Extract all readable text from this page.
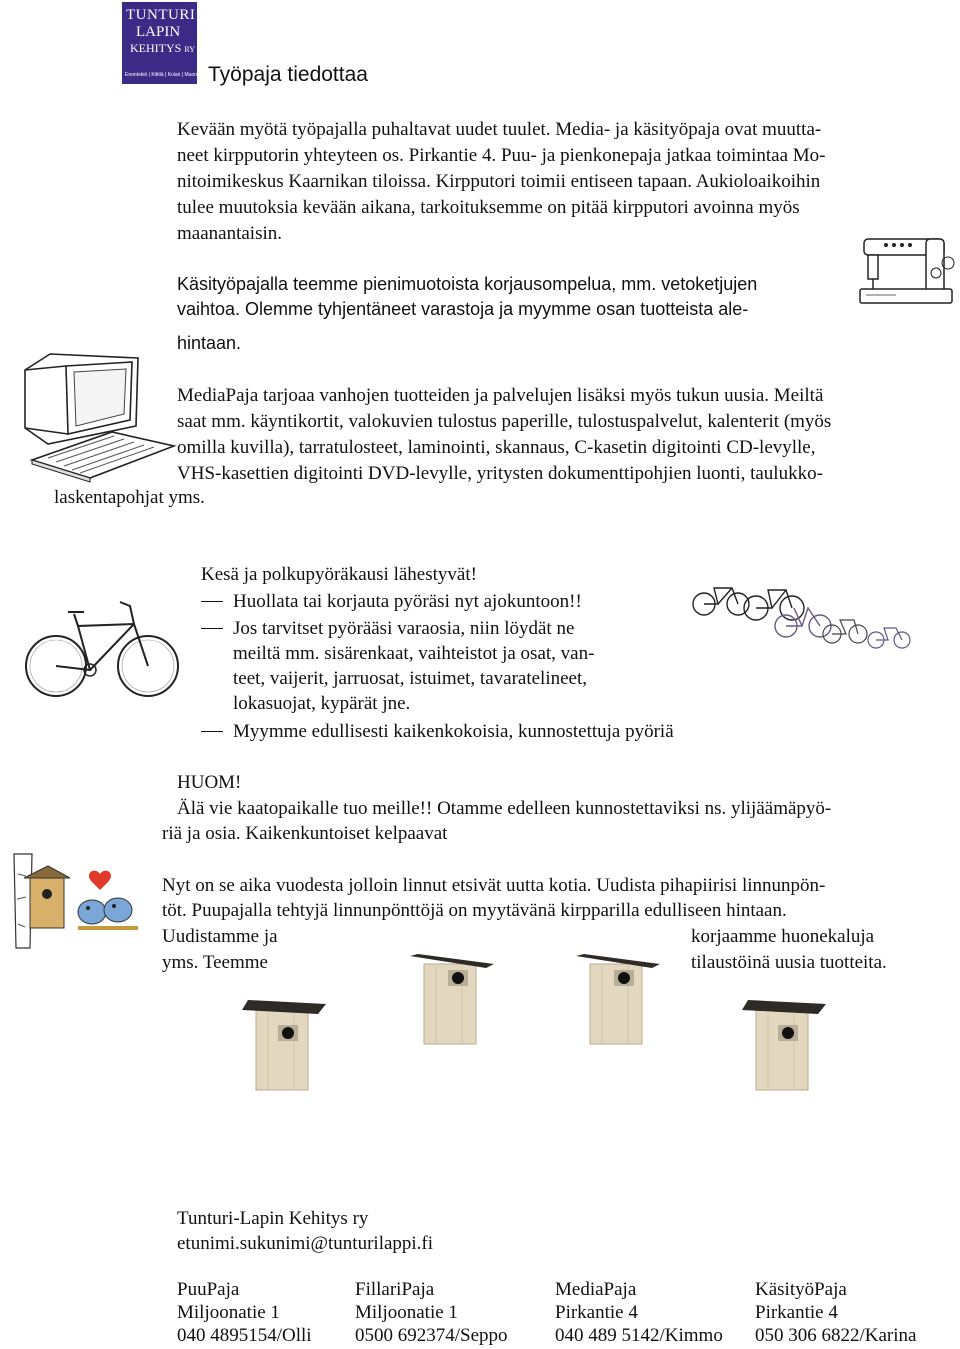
TUNTURI
LAPIN
KEHITYS RY
Enontekiö | Kittilä | Kolari | Muonio Työpaja tiedottaa
Kevään myötä työpajalla puhaltavat uudet tuulet. Media- ja käsityöpaja ovat muutta-
neet kirpputorin yhteyteen os. Pirkantie 4. Puu- ja pienkonepaja jatkaa toimintaa Mo-
nitoimikeskus Kaarnikan tiloissa. Kirpputori toimii entiseen tapaan. Aukioloaikoihin
tulee muutoksia kevään aikana, tarkoituksemme on pitää kirpputori avoinna myös
maanantaisin.
Käsityöpajalla teemme pienimuotoista korjausompelua, mm. vetoketjujen
vaihtoa. Olemme tyhjentäneet varastoja ja myymme osan tuotteista ale-
hintaan.
MediaPaja tarjoaa vanhojen tuotteiden ja palvelujen lisäksi myös tukun uusia. Meiltä
saat mm. käyntikortit, valokuvien tulostus paperille, tulostuspalvelut, kalenterit (myös
omilla kuvilla), tarratulosteet, laminointi, skannaus, C-kasetin digitointi CD-levylle,
VHS-kasettien digitointi DVD-levylle, yritysten dokumenttipohjien luonti, taulukko-
laskentapohjat yms.
Kesä ja polkupyöräkausi lähestyvät!
Huollata tai korjauta pyöräsi nyt ajokuntoon!!
Jos tarvitset pyörääsi varaosia, niin löydät ne
meiltä mm. sisärenkaat, vaihteistot ja osat, van-
teet, vaijerit, jarruosat, istuimet, tavaratelineet,
lokasuojat, kypärät jne.
Myymme edullisesti kaikenkokoisia, kunnostettuja pyöriä
HUOM!
Älä vie kaatopaikalle tuo meille!! Otamme edelleen kunnostettaviksi ns. ylijäämäpyö-
riä ja osia. Kaikenkuntoiset kelpaavat
Nyt on se aika vuodesta jolloin linnut etsivät uutta kotia. Uudista pihapiirisi linnunpön-
töt. Puupajalla tehtyjä linnunpönttöjä on myytävänä kirpparilla edulliseen hintaan.
Uudistamme ja	korjaamme huonekaluja
yms. Teemme	tilaustöinä uusia tuotteita.
Tunturi-Lapin Kehitys ry
etunimi.sukunimi@tunturilappi.fi
PuuPaja
Miljoonatie 1
040 4895154/Olli
FillariPaja
Miljoonatie 1
0500 692374/Seppo
MediaPaja
Pirkantie 4
040 489 5142/Kimmo
KäsityöPaja
Pirkantie 4
050 306 6822/Karina
